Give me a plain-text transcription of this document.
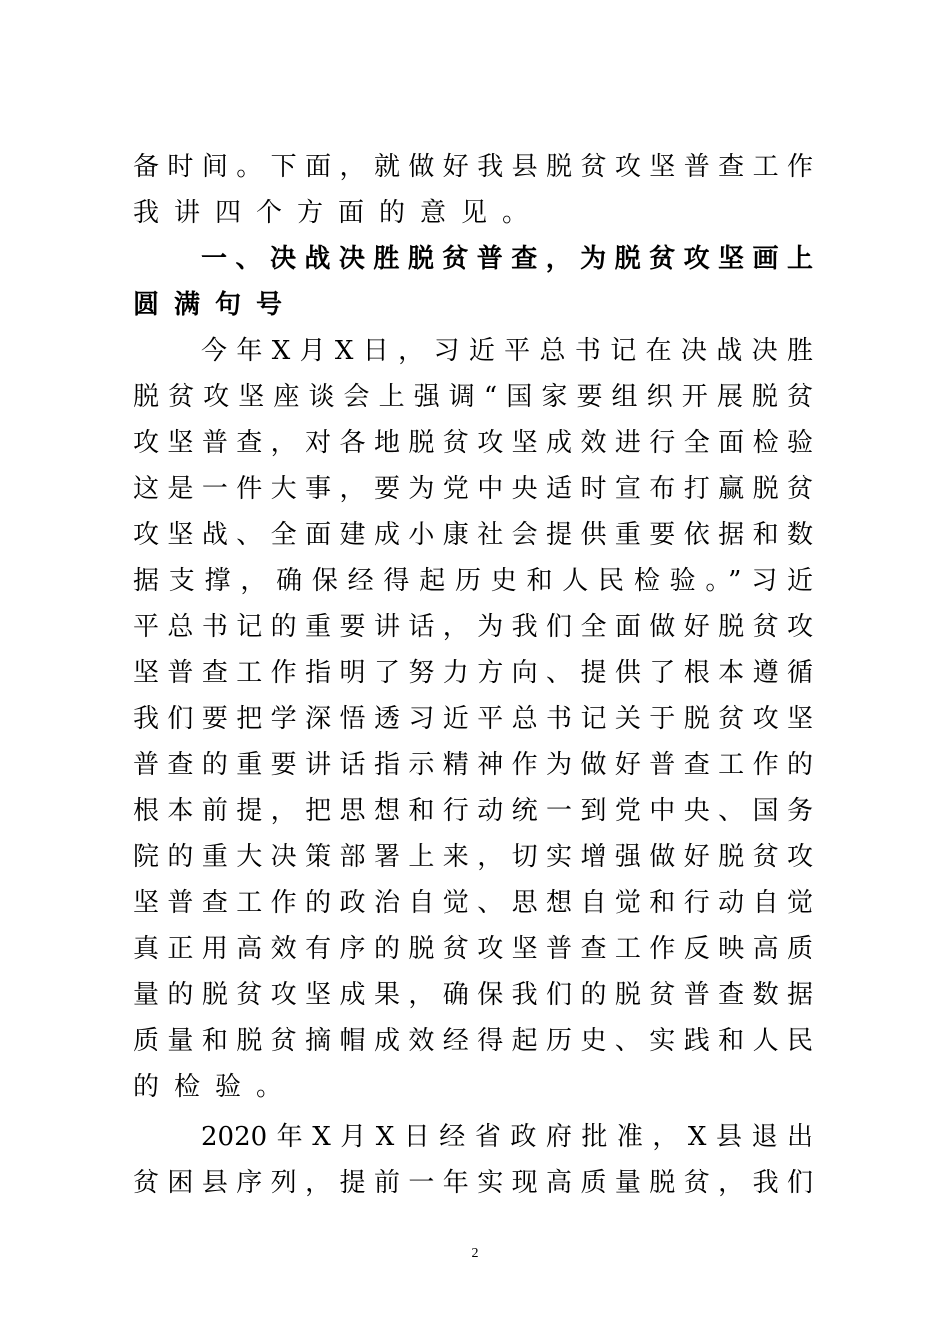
备时间。下面，就做好我县脱贫攻坚普查工作
我讲四个方面的意见。
一、决战决胜脱贫普查，为脱贫攻坚画上
圆满句号
今年X月X日，习近平总书记在决战决胜
脱贫攻坚座谈会上强调“国家要组织开展脱贫
攻坚普查，对各地脱贫攻坚成效进行全面检验
这是一件大事，要为党中央适时宣布打赢脱贫
攻坚战、全面建成小康社会提供重要依据和数
据支撑，确保经得起历史和人民检验。”习近
平总书记的重要讲话，为我们全面做好脱贫攻
坚普查工作指明了努力方向、提供了根本遵循
我们要把学深悟透习近平总书记关于脱贫攻坚
普查的重要讲话指示精神作为做好普查工作的
根本前提，把思想和行动统一到党中央、国务
院的重大决策部署上来，切实增强做好脱贫攻
坚普查工作的政治自觉、思想自觉和行动自觉
真正用高效有序的脱贫攻坚普查工作反映高质
量的脱贫攻坚成果，确保我们的脱贫普查数据
质量和脱贫摘帽成效经得起历史、实践和人民
的检验。
2020年X月X日经省政府批准，X县退出
贫困县序列，提前一年实现高质量脱贫，我们
2
